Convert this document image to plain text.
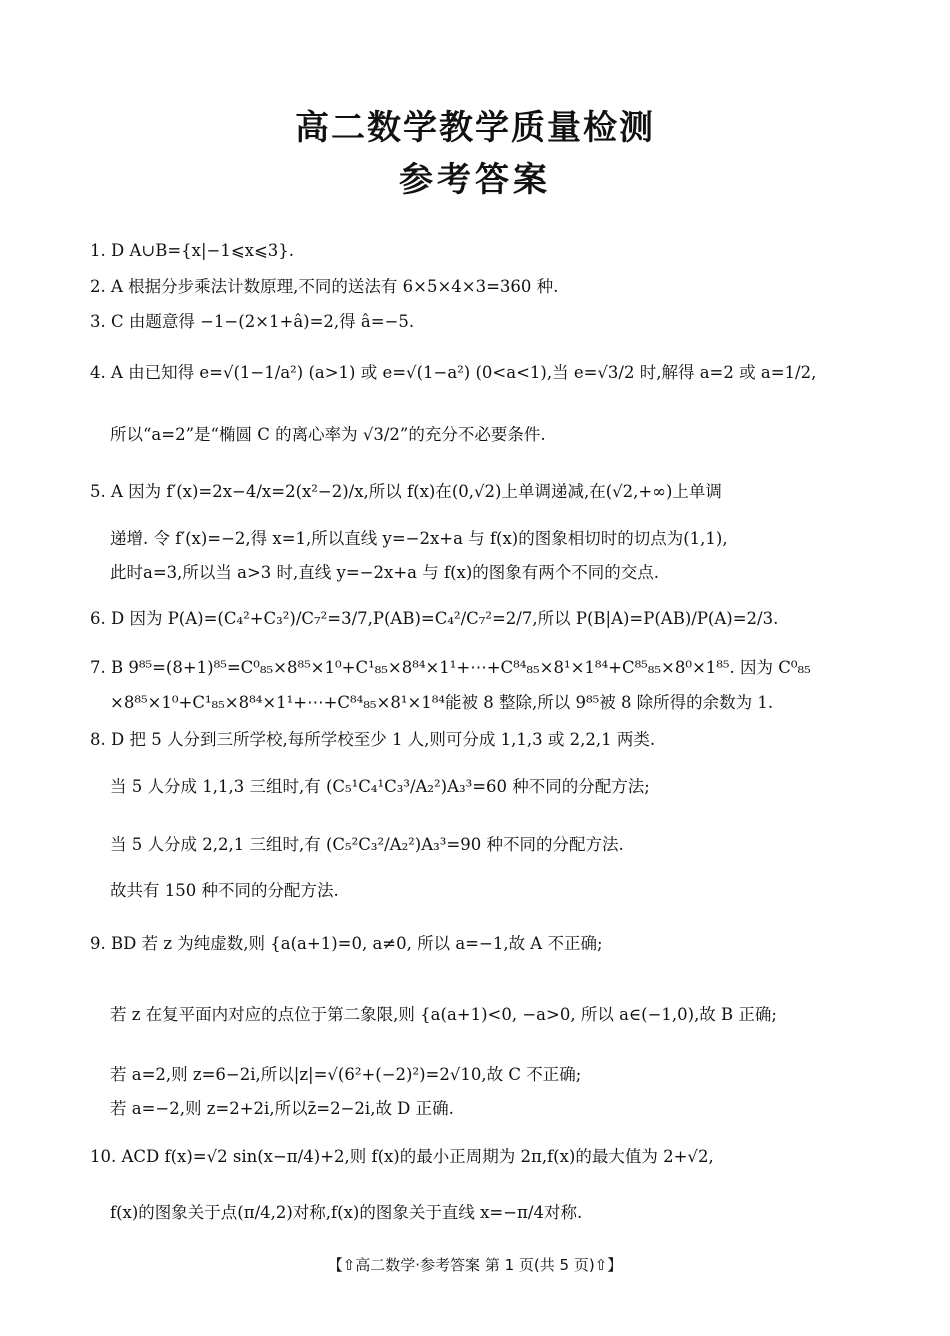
高二数学教学质量检测
参考答案
1. D A∪B={x|−1⩽x⩽3}.
2. A 根据分步乘法计数原理,不同的送法有 6×5×4×3=360 种.
3. C 由题意得 −1−(2×1+â)=2,得 â=−5.
4. A 由已知得 e=√(1−1/a²) (a>1) 或 e=√(1−a²) (0<a<1),当 e=√3/2 时,解得 a=2 或 a=1/2,
所以“a=2”是“椭圆 C 的离心率为 √3/2”的充分不必要条件.
5. A 因为 f′(x)=2x−4/x=2(x²−2)/x,所以 f(x)在(0,√2)上单调递减,在(√2,+∞)上单调
递增. 令 f′(x)=−2,得 x=1,所以直线 y=−2x+a 与 f(x)的图象相切时的切点为(1,1),
此时a=3,所以当 a>3 时,直线 y=−2x+a 与 f(x)的图象有两个不同的交点.
6. D 因为 P(A)=(C₄²+C₃²)/C₇²=3/7,P(AB)=C₄²/C₇²=2/7,所以 P(B|A)=P(AB)/P(A)=2/3.
7. B 9⁸⁵=(8+1)⁸⁵=C⁰₈₅×8⁸⁵×1⁰+C¹₈₅×8⁸⁴×1¹+⋯+C⁸⁴₈₅×8¹×1⁸⁴+C⁸⁵₈₅×8⁰×1⁸⁵. 因为 C⁰₈₅
×8⁸⁵×1⁰+C¹₈₅×8⁸⁴×1¹+⋯+C⁸⁴₈₅×8¹×1⁸⁴能被 8 整除,所以 9⁸⁵被 8 除所得的余数为 1.
8. D 把 5 人分到三所学校,每所学校至少 1 人,则可分成 1,1,3 或 2,2,1 两类.
当 5 人分成 1,1,3 三组时,有 (C₅¹C₄¹C₃³/A₂²)A₃³=60 种不同的分配方法;
当 5 人分成 2,2,1 三组时,有 (C₅²C₃²/A₂²)A₃³=90 种不同的分配方法.
故共有 150 种不同的分配方法.
9. BD 若 z 为纯虚数,则 {a(a+1)=0, a≠0, 所以 a=−1,故 A 不正确;
若 z 在复平面内对应的点位于第二象限,则 {a(a+1)<0, −a>0, 所以 a∈(−1,0),故 B 正确;
若 a=2,则 z=6−2i,所以|z|=√(6²+(−2)²)=2√10,故 C 不正确;
若 a=−2,则 z=2+2i,所以z̄=2−2i,故 D 正确.
10. ACD f(x)=√2 sin(x−π/4)+2,则 f(x)的最小正周期为 2π,f(x)的最大值为 2+√2,
f(x)的图象关于点(π/4,2)对称,f(x)的图象关于直线 x=−π/4对称.
【⇧高二数学·参考答案 第 1 页(共 5 页)⇧】
